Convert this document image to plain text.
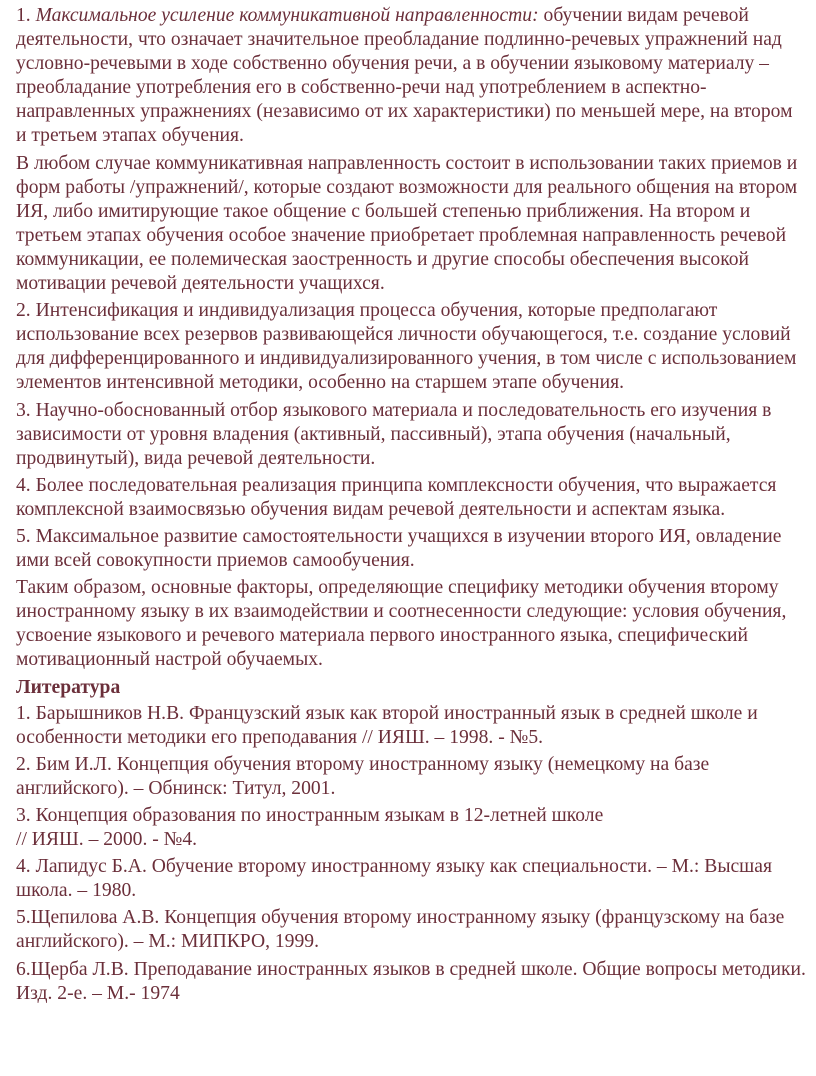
1. Максимальное усиление коммуникативной направленности: обучении видам речевой деятельности, что означает значительное преобладание подлинно-речевых упражнений над условно-речевыми в ходе собственно обучения речи, а в обучении языковому материалу – преобладание употребления его в собственно-речи над употреблением в аспектно-направленных упражнениях (независимо от их характеристики) по меньшей мере, на втором и третьем этапах обучения.

В любом случае коммуникативная направленность состоит в использовании таких приемов и форм работы /упражнений/, которые создают возможности для реального общения на втором ИЯ, либо имитирующие такое общение с большей степенью приближения. На втором и третьем этапах обучения особое значение приобретает проблемная направленность речевой коммуникации, ее полемическая заостренность и другие способы обеспечения высокой мотивации речевой деятельности учащихся.

2. Интенсификация и индивидуализация процесса обучения, которые предполагают использование всех резервов развивающейся личности обучающегося, т.е. создание условий для дифференцированного и индивидуализированного учения, в том числе с использованием элементов интенсивной методики, особенно на старшем этапе обучения.

3. Научно-обоснованный отбор языкового материала и последовательность его изучения в зависимости от уровня владения (активный, пассивный), этапа обучения (начальный, продвинутый), вида речевой деятельности.

4. Более последовательная реализация принципа комплексности обучения, что выражается комплексной взаимосвязью обучения видам речевой деятельности и аспектам языка.

5. Максимальное развитие самостоятельности учащихся в изучении второго ИЯ, овладение ими всей совокупности приемов самообучения.

Таким образом, основные факторы, определяющие специфику методики обучения второму иностранному языку в их взаимодействии и соотнесенности следующие: условия обучения, усвоение языкового и речевого материала первого иностранного языка, специфический мотивационный настрой обучаемых.

Литература

1. Барышников Н.В. Французский язык как второй иностранный язык в средней школе и особенности методики его преподавания // ИЯШ. – 1998. - №5.

2. Бим И.Л. Концепция обучения второму иностранному языку (немецкому на базе английского). – Обнинск: Титул, 2001.

3. Концепция образования по иностранным языкам в 12-летней школе

// ИЯШ. – 2000. - №4.

4. Лапидус Б.А. Обучение второму иностранному языку как специальности. – М.: Высшая школа. – 1980.

5.Щепилова А.В. Концепция обучения второму иностранному языку (французскому на базе английского). – М.: МИПКРО, 1999.

6.Щерба Л.В. Преподавание иностранных языков в средней школе. Общие вопросы методики. Изд. 2-е. – М.- 1974
